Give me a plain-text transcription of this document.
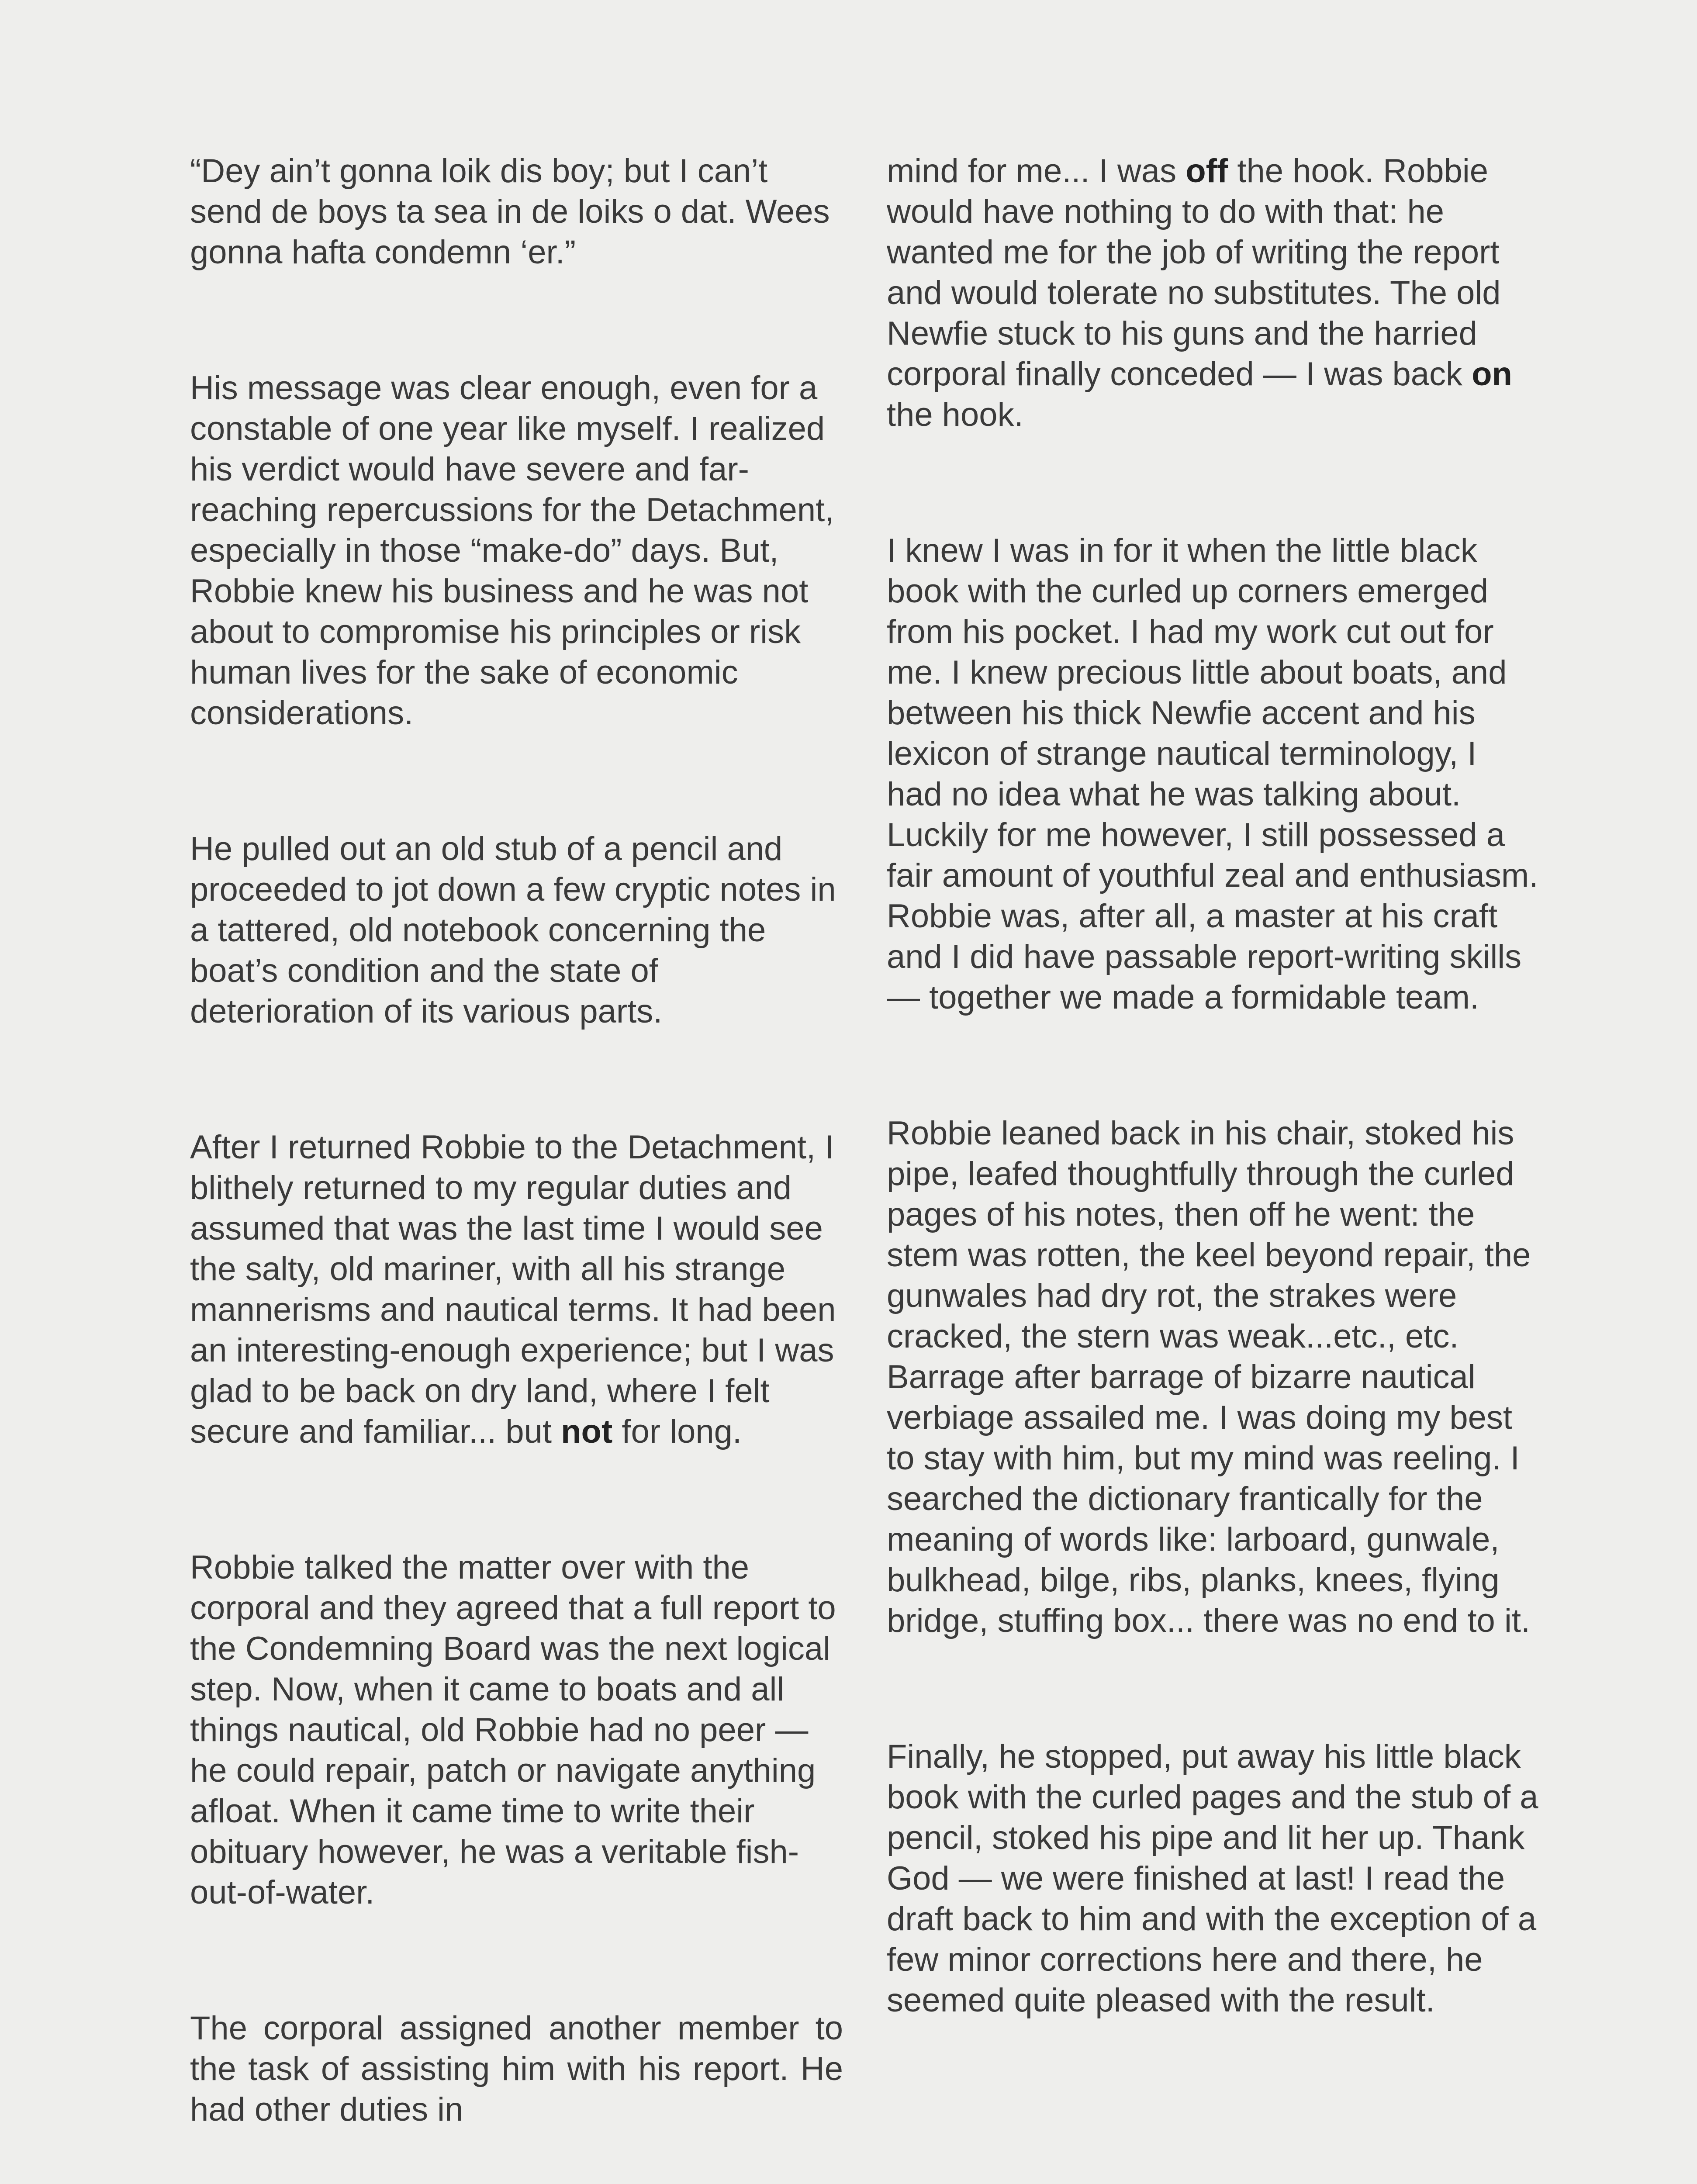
“Dey ain’t gonna loik dis boy; but I can’t send de boys ta sea in de loiks o dat. Wees gonna hafta condemn ‘er.”

His message was clear enough, even for a constable of one year like myself. I realized his verdict would have severe and far-reaching repercussions for the Detachment, especially in those “make-do” days. But, Robbie knew his business and he was not about to compromise his principles or risk human lives for the sake of economic considerations.

He pulled out an old stub of a pencil and proceeded to jot down a few cryptic notes in a tattered, old notebook concerning the boat’s condition and the state of deterioration of its various parts.

After I returned Robbie to the Detachment, I blithely returned to my regular duties and assumed that was the last time I would see the salty, old mariner, with all his strange mannerisms and nautical terms. It had been an interesting-enough experience; but I was glad to be back on dry land, where I felt secure and familiar... but not for long.

Robbie talked the matter over with the corporal and they agreed that a full report to the Condemning Board was the next logical step. Now, when it came to boats and all things nautical, old Robbie had no peer — he could repair, patch or navigate anything afloat. When it came time to write their obituary however, he was a veritable fish-out-of-water.

The corporal assigned another member to the task of assisting him with his report. He had other duties in

mind for me... I was off the hook. Robbie would have nothing to do with that: he wanted me for the job of writing the report and would tolerate no substitutes. The old Newfie stuck to his guns and the harried corporal finally conceded — I was back on the hook.

I knew I was in for it when the little black book with the curled up corners emerged from his pocket. I had my work cut out for me. I knew precious little about boats, and between his thick Newfie accent and his lexicon of strange nautical terminology, I had no idea what he was talking about. Luckily for me however, I still possessed a fair amount of youthful zeal and enthusiasm. Robbie was, after all, a master at his craft and I did have passable report-writing skills — together we made a formidable team.

Robbie leaned back in his chair, stoked his pipe, leafed thoughtfully through the curled pages of his notes, then off he went: the stem was rotten, the keel beyond repair, the gunwales had dry rot, the strakes were cracked, the stern was weak...etc., etc. Barrage after barrage of bizarre nautical verbiage assailed me. I was doing my best to stay with him, but my mind was reeling. I searched the dictionary frantically for the meaning of words like: larboard, gunwale, bulkhead, bilge, ribs, planks, knees, flying bridge, stuffing box... there was no end to it.

Finally, he stopped, put away his little black book with the curled pages and the stub of a pencil, stoked his pipe and lit her up. Thank God — we were finished at last! I read the draft back to him and with the exception of a few minor corrections here and there, he seemed quite pleased with the result.
